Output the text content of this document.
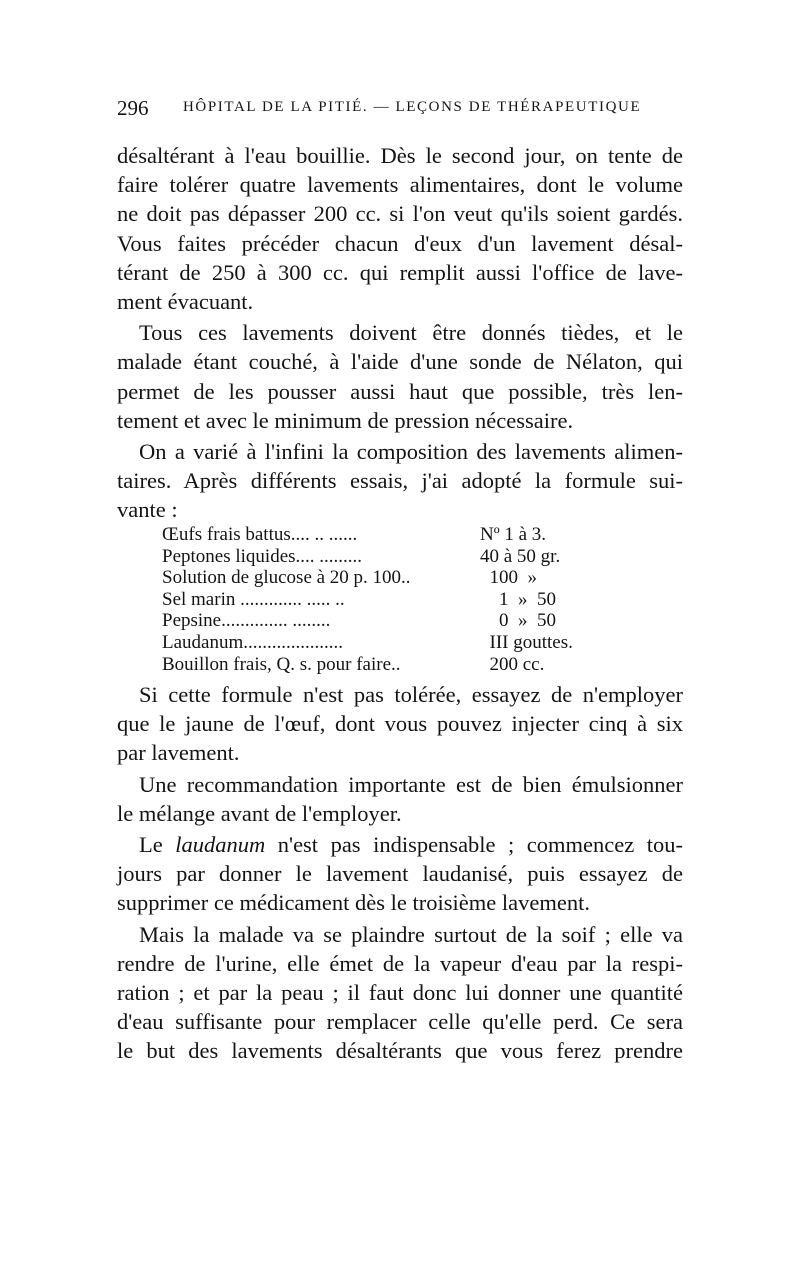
296 HÔPITAL DE LA PITIÉ. — LEÇONS DE THÉRAPEUTIQUE

désaltérant à l'eau bouillie. Dès le second jour, on tente de
faire tolérer quatre lavements alimentaires, dont le volume
ne doit pas dépasser 200 cc. si l'on veut qu'ils soient gardés.
Vous faites précéder chacun d'eux d'un lavement désal-
térant de 250 à 300 cc. qui remplit aussi l'office de lave-
ment évacuant.

Tous ces lavements doivent être donnés tièdes, et le
malade étant couché, à l'aide d'une sonde de Nélaton, qui
permet de les pousser aussi haut que possible, très len-
tement et avec le minimum de pression nécessaire.

On a varié à l'infini la composition des lavements alimen-
taires. Après différents essais, j'ai adopté la formule sui-
vante :

Œufs frais battus.... .. ......	Nº 1 à 3.
Peptones liquides.... .........	40 à 50 gr.
Solution de glucose à 20 p. 100..	100  »
Sel marin ............. ..... ..	1  »  50
Pepsine.............. ........	0  »  50
Laudanum.....................	III gouttes.
Bouillon frais, Q. s. pour faire..	200 cc.

Si cette formule n'est pas tolérée, essayez de n'employer
que le jaune de l'œuf, dont vous pouvez injecter cinq à six
par lavement.

Une recommandation importante est de bien émulsionner
le mélange avant de l'employer.

Le laudanum n'est pas indispensable ; commencez tou-
jours par donner le lavement laudanisé, puis essayez de
supprimer ce médicament dès le troisième lavement.

Mais la malade va se plaindre surtout de la soif ; elle va
rendre de l'urine, elle émet de la vapeur d'eau par la respi-
ration ; et par la peau ; il faut donc lui donner une quantité
d'eau suffisante pour remplacer celle qu'elle perd. Ce sera
le but des lavements désaltérants que vous ferez prendre
